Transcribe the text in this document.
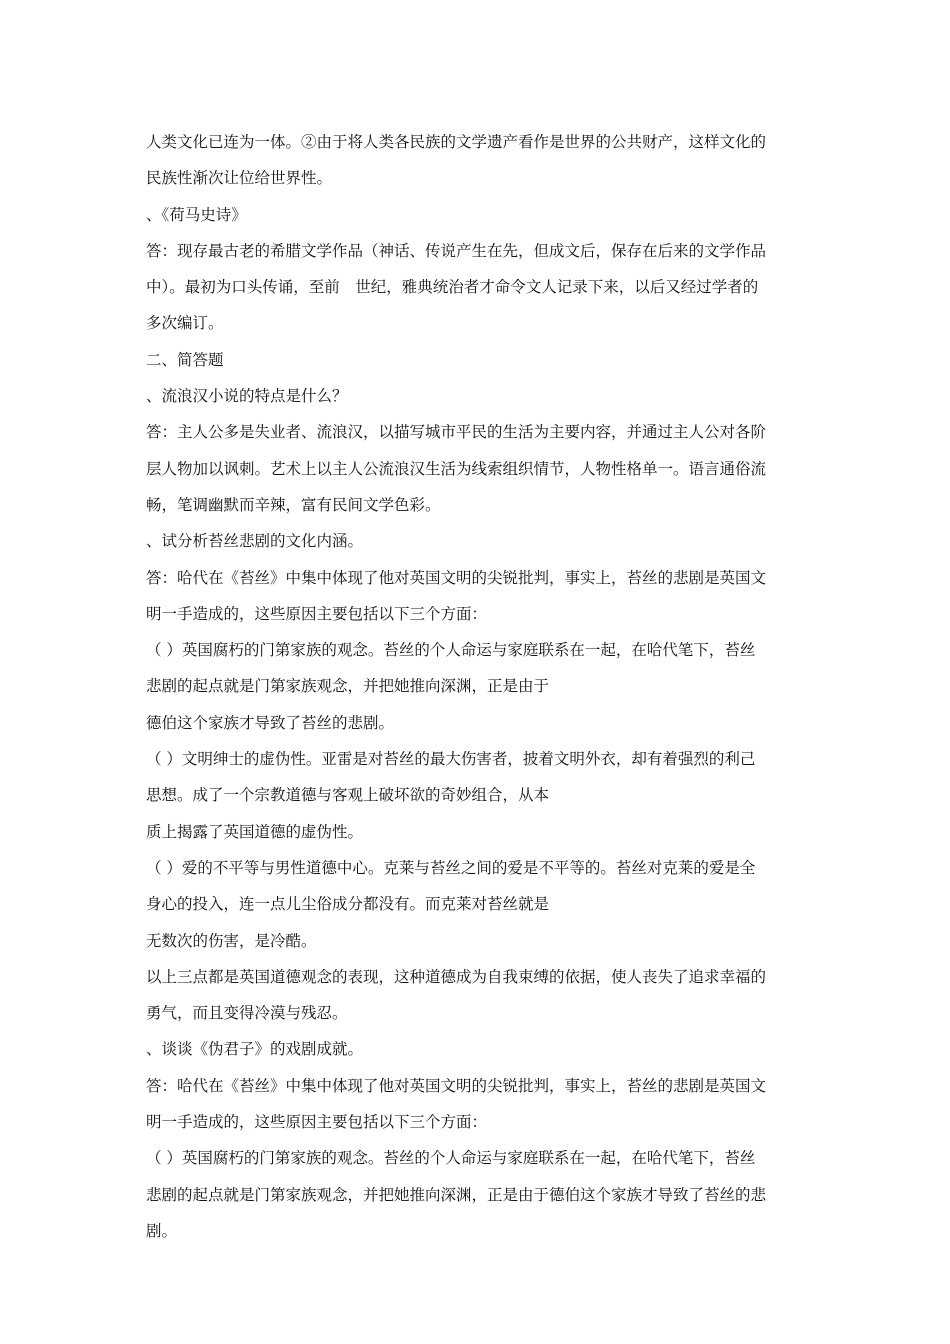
人类文化已连为一体。②由于将人类各民族的文学遗产看作是世界的公共财产，这样文化的
民族性渐次让位给世界性。
、《荷马史诗》
答：现存最古老的希腊文学作品（神话、传说产生在先，但成文后，保存在后来的文学作品
中）。最初为口头传诵，至前　世纪，雅典统治者才命令文人记录下来，以后又经过学者的
多次编订。
二、简答题
、流浪汉小说的特点是什么？
答：主人公多是失业者、流浪汉，以描写城市平民的生活为主要内容，并通过主人公对各阶
层人物加以讽刺。艺术上以主人公流浪汉生活为线索组织情节，人物性格单一。语言通俗流
畅，笔调幽默而辛辣，富有民间文学色彩。
、试分析苔丝悲剧的文化内涵。
答：哈代在《苔丝》中集中体现了他对英国文明的尖锐批判，事实上，苔丝的悲剧是英国文
明一手造成的，这些原因主要包括以下三个方面：
（ ）英国腐朽的门第家族的观念。苔丝的个人命运与家庭联系在一起，在哈代笔下，苔丝
悲剧的起点就是门第家族观念，并把她推向深渊，正是由于
德伯这个家族才导致了苔丝的悲剧。
（ ）文明绅士的虚伪性。亚雷是对苔丝的最大伤害者，披着文明外衣，却有着强烈的利己
思想。成了一个宗教道德与客观上破坏欲的奇妙组合，从本
质上揭露了英国道德的虚伪性。
（ ）爱的不平等与男性道德中心。克莱与苔丝之间的爱是不平等的。苔丝对克莱的爱是全
身心的投入，连一点儿尘俗成分都没有。而克莱对苔丝就是
无数次的伤害，是冷酷。
以上三点都是英国道德观念的表现，这种道德成为自我束缚的依据，使人丧失了追求幸福的
勇气，而且变得冷漠与残忍。
、谈谈《伪君子》的戏剧成就。
答：哈代在《苔丝》中集中体现了他对英国文明的尖锐批判，事实上，苔丝的悲剧是英国文
明一手造成的，这些原因主要包括以下三个方面：
（ ）英国腐朽的门第家族的观念。苔丝的个人命运与家庭联系在一起，在哈代笔下，苔丝
悲剧的起点就是门第家族观念，并把她推向深渊，正是由于德伯这个家族才导致了苔丝的悲
剧。
